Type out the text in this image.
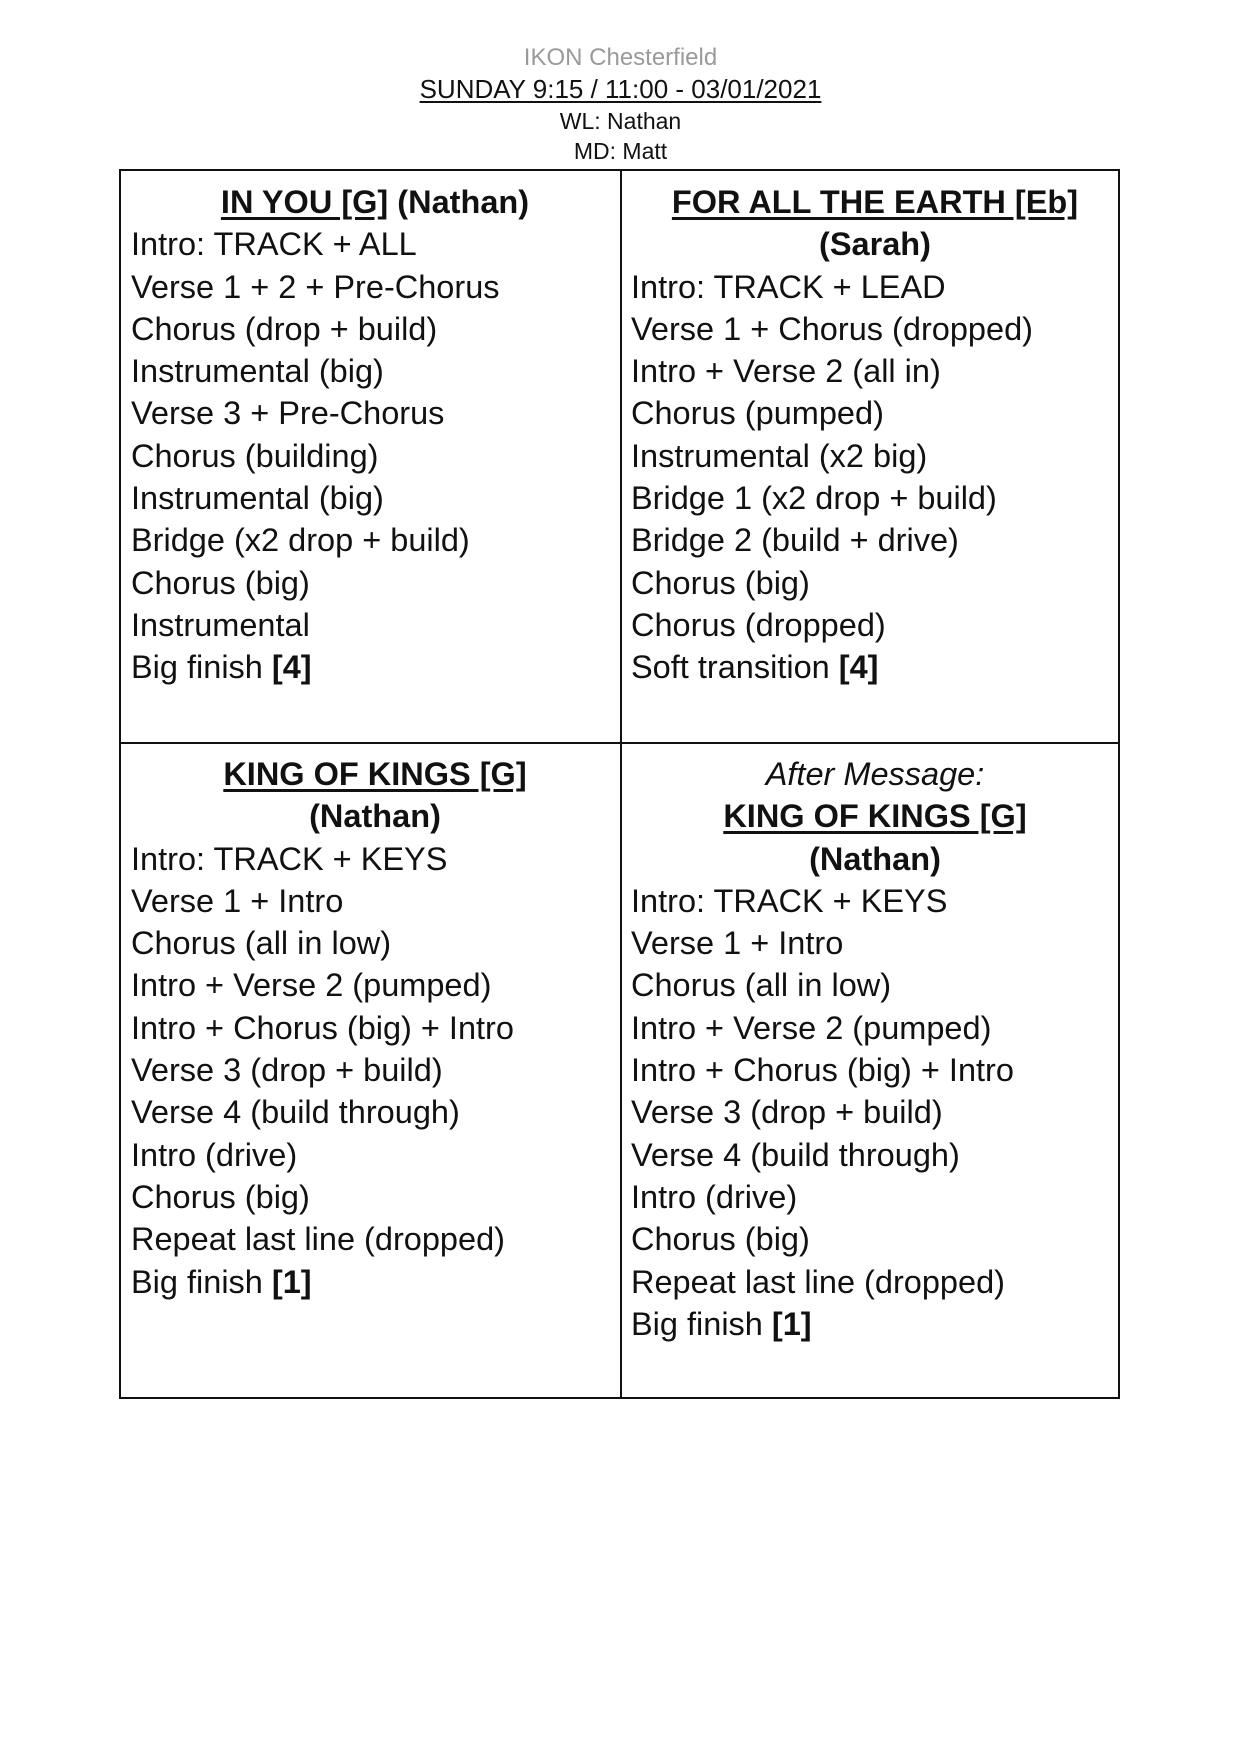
IKON Chesterfield
SUNDAY 9:15 / 11:00 - 03/01/2021
WL: Nathan
MD: Matt
IN YOU [G] (Nathan)
Intro: TRACK + ALL
Verse 1 + 2 + Pre-Chorus
Chorus (drop + build)
Instrumental (big)
Verse 3 + Pre-Chorus
Chorus (building)
Instrumental (big)
Bridge (x2 drop + build)
Chorus (big)
Instrumental
Big finish [4]
FOR ALL THE EARTH [Eb]
(Sarah)
Intro: TRACK + LEAD
Verse 1 + Chorus (dropped)
Intro + Verse 2 (all in)
Chorus (pumped)
Instrumental (x2 big)
Bridge 1 (x2 drop + build)
Bridge 2 (build + drive)
Chorus (big)
Chorus (dropped)
Soft transition [4]
KING OF KINGS [G]
(Nathan)
Intro: TRACK + KEYS
Verse 1 + Intro
Chorus (all in low)
Intro + Verse 2 (pumped)
Intro + Chorus (big) + Intro
Verse 3 (drop + build)
Verse 4 (build through)
Intro (drive)
Chorus (big)
Repeat last line (dropped)
Big finish [1]
After Message:
KING OF KINGS [G]
(Nathan)
Intro: TRACK + KEYS
Verse 1 + Intro
Chorus (all in low)
Intro + Verse 2 (pumped)
Intro + Chorus (big) + Intro
Verse 3 (drop + build)
Verse 4 (build through)
Intro (drive)
Chorus (big)
Repeat last line (dropped)
Big finish [1]
